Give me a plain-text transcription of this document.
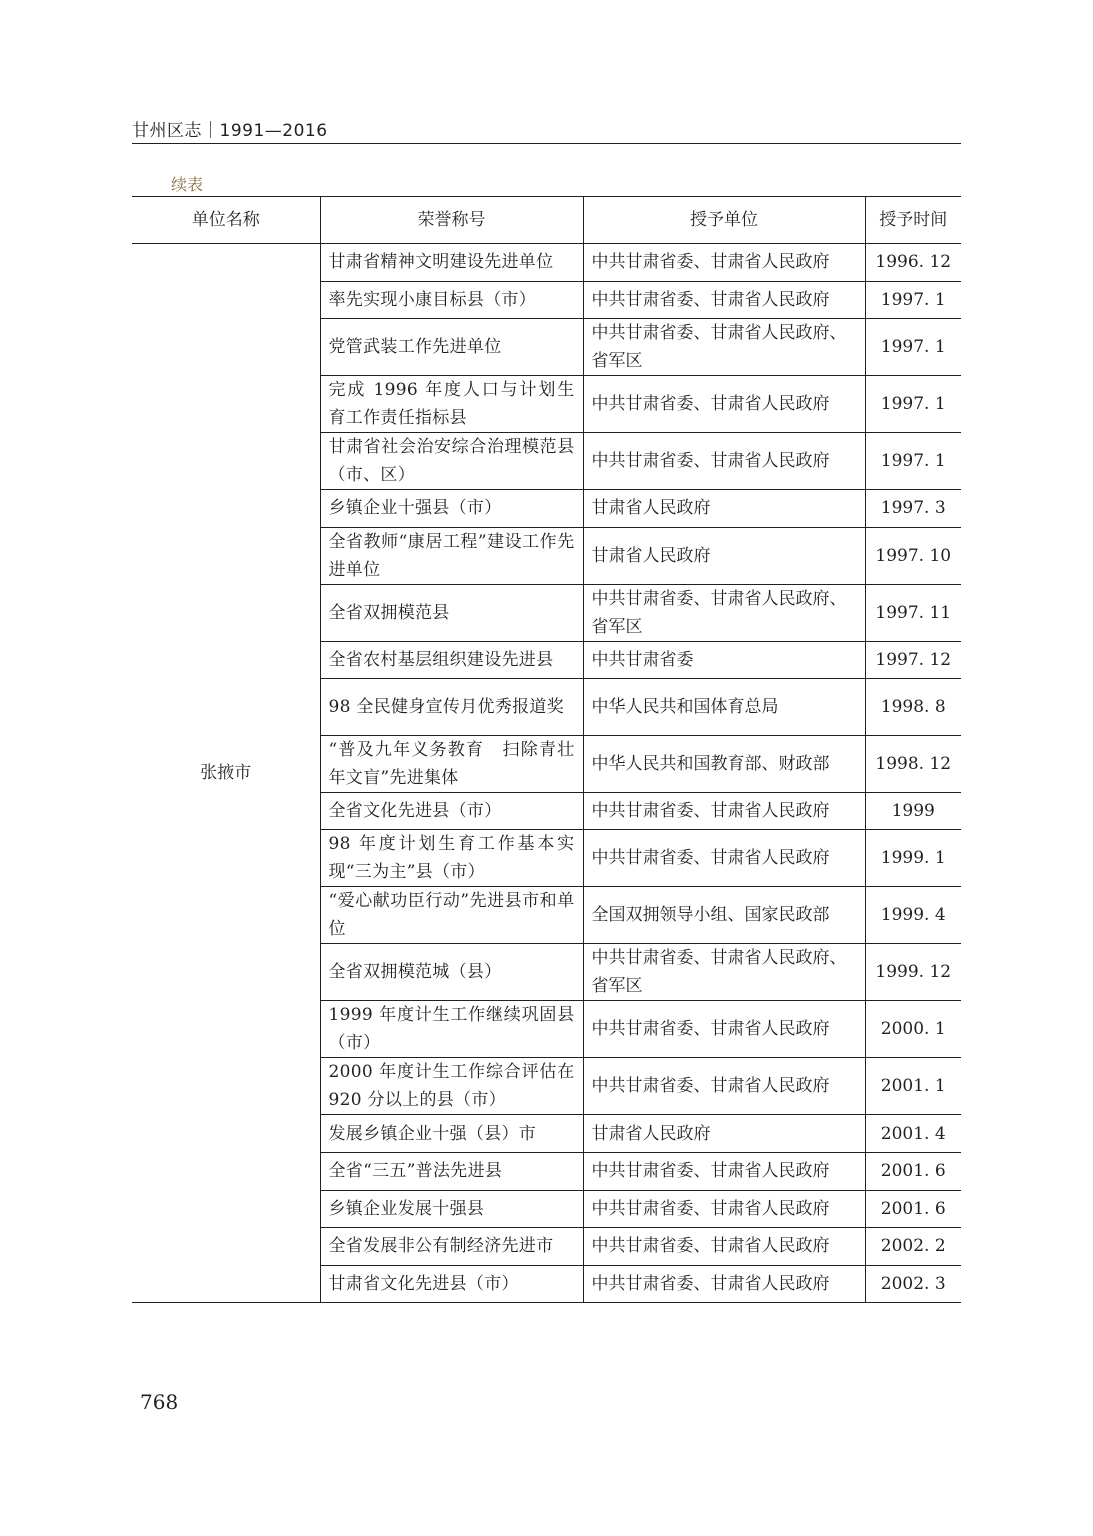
甘州区志｜1991—2016
续表
单位名称	荣誉称号	授予单位	授予时间
张掖市	甘肃省精神文明建设先进单位	中共甘肃省委、甘肃省人民政府	1996. 12
	率先实现小康目标县（市）	中共甘肃省委、甘肃省人民政府	1997. 1
	党管武装工作先进单位	中共甘肃省委、甘肃省人民政府、省军区	1997. 1
	完成 1996 年度人口与计划生育工作责任指标县	中共甘肃省委、甘肃省人民政府	1997. 1
	甘肃省社会治安综合治理模范县（市、区）	中共甘肃省委、甘肃省人民政府	1997. 1
	乡镇企业十强县（市）	甘肃省人民政府	1997. 3
	全省教师“康居工程”建设工作先进单位	甘肃省人民政府	1997. 10
	全省双拥模范县	中共甘肃省委、甘肃省人民政府、省军区	1997. 11
	全省农村基层组织建设先进县	中共甘肃省委	1997. 12
	98 全民健身宣传月优秀报道奖	中华人民共和国体育总局	1998. 8
	“普及九年义务教育　扫除青壮年文盲”先进集体	中华人民共和国教育部、财政部	1998. 12
	全省文化先进县（市）	中共甘肃省委、甘肃省人民政府	1999
	98 年度计划生育工作基本实现“三为主”县（市）	中共甘肃省委、甘肃省人民政府	1999. 1
	“爱心献功臣行动”先进县市和单位	全国双拥领导小组、国家民政部	1999. 4
	全省双拥模范城（县）	中共甘肃省委、甘肃省人民政府、省军区	1999. 12
	1999 年度计生工作继续巩固县（市）	中共甘肃省委、甘肃省人民政府	2000. 1
	2000 年度计生工作综合评估在 920 分以上的县（市）	中共甘肃省委、甘肃省人民政府	2001. 1
	发展乡镇企业十强（县）市	甘肃省人民政府	2001. 4
	全省“三五”普法先进县	中共甘肃省委、甘肃省人民政府	2001. 6
	乡镇企业发展十强县	中共甘肃省委、甘肃省人民政府	2001. 6
	全省发展非公有制经济先进市	中共甘肃省委、甘肃省人民政府	2002. 2
	甘肃省文化先进县（市）	中共甘肃省委、甘肃省人民政府	2002. 3
768
